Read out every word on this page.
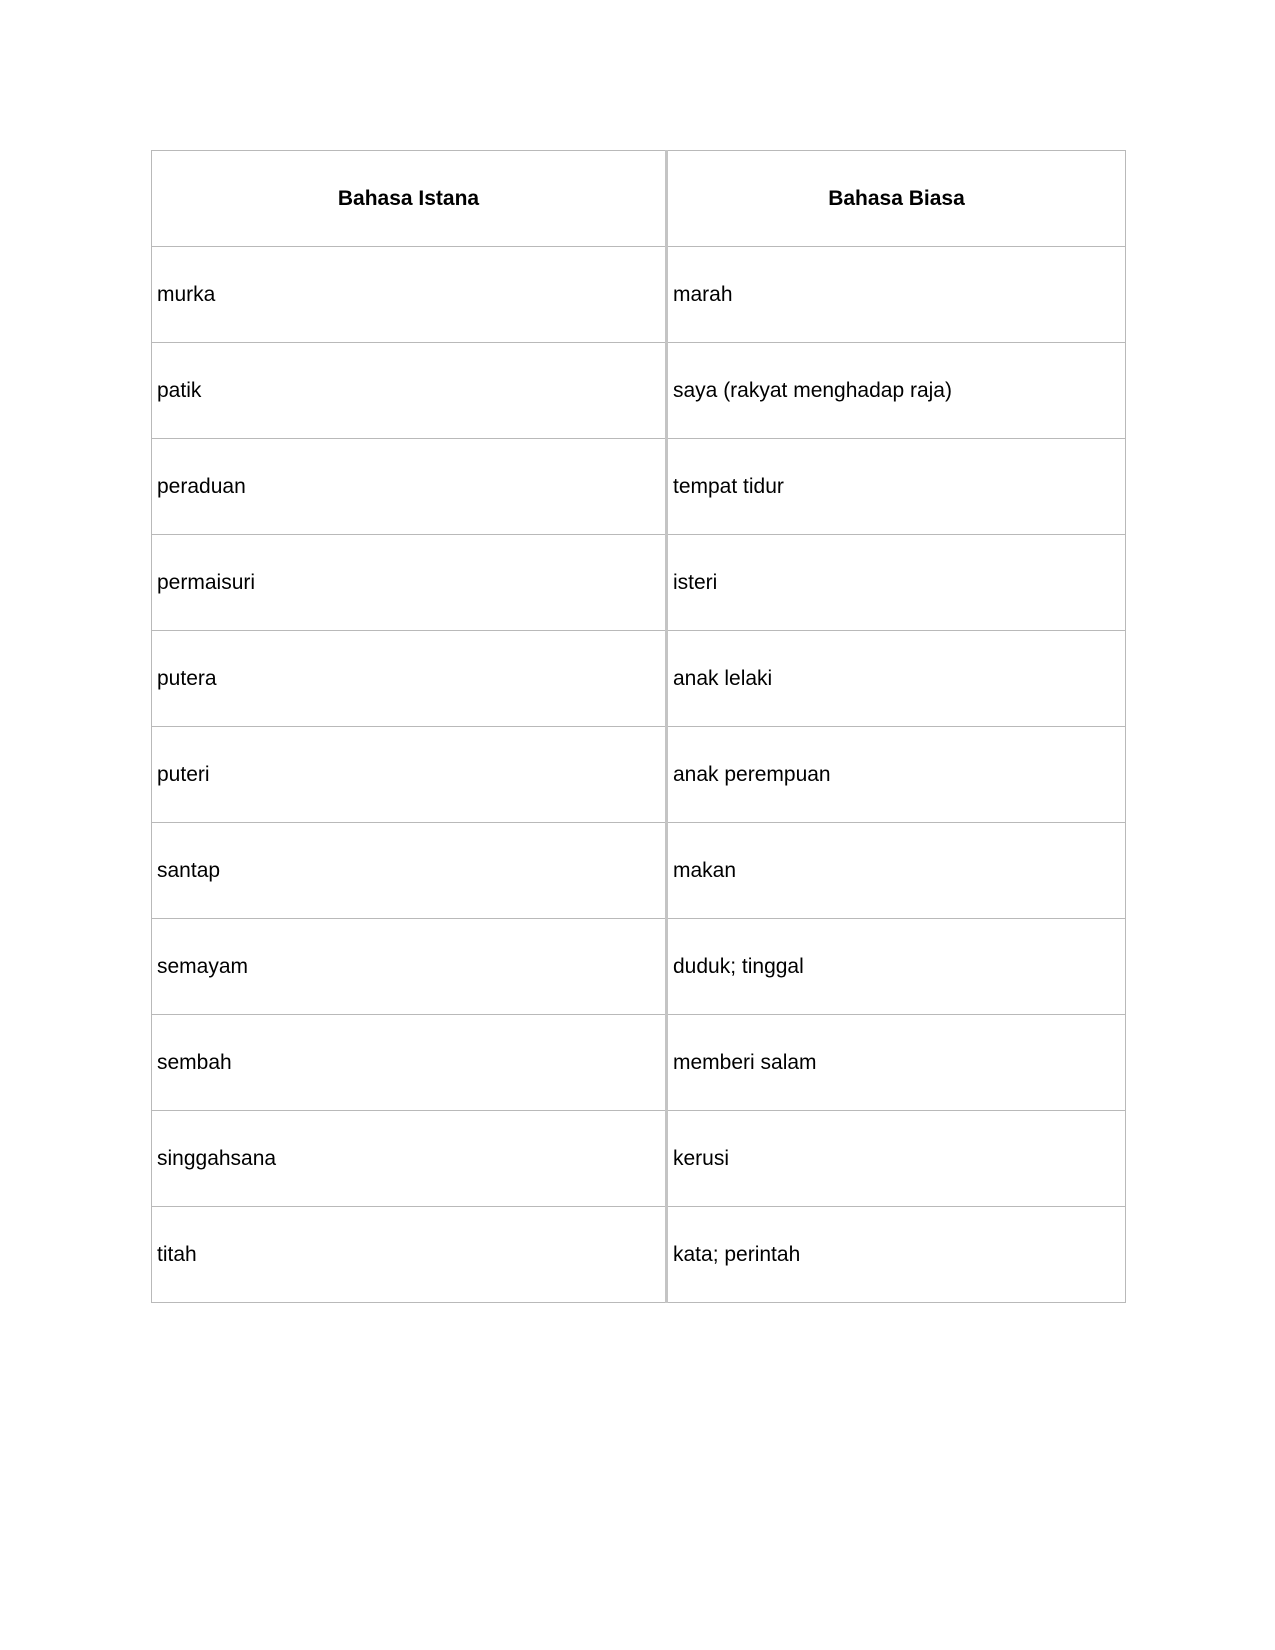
Bahasa Istana	Bahasa Biasa
murka	marah
patik	saya (rakyat menghadap raja)
peraduan	tempat tidur
permaisuri	isteri
putera	anak lelaki
puteri	anak perempuan
santap	makan
semayam	duduk; tinggal
sembah	memberi salam
singgahsana	kerusi
titah	kata; perintah
